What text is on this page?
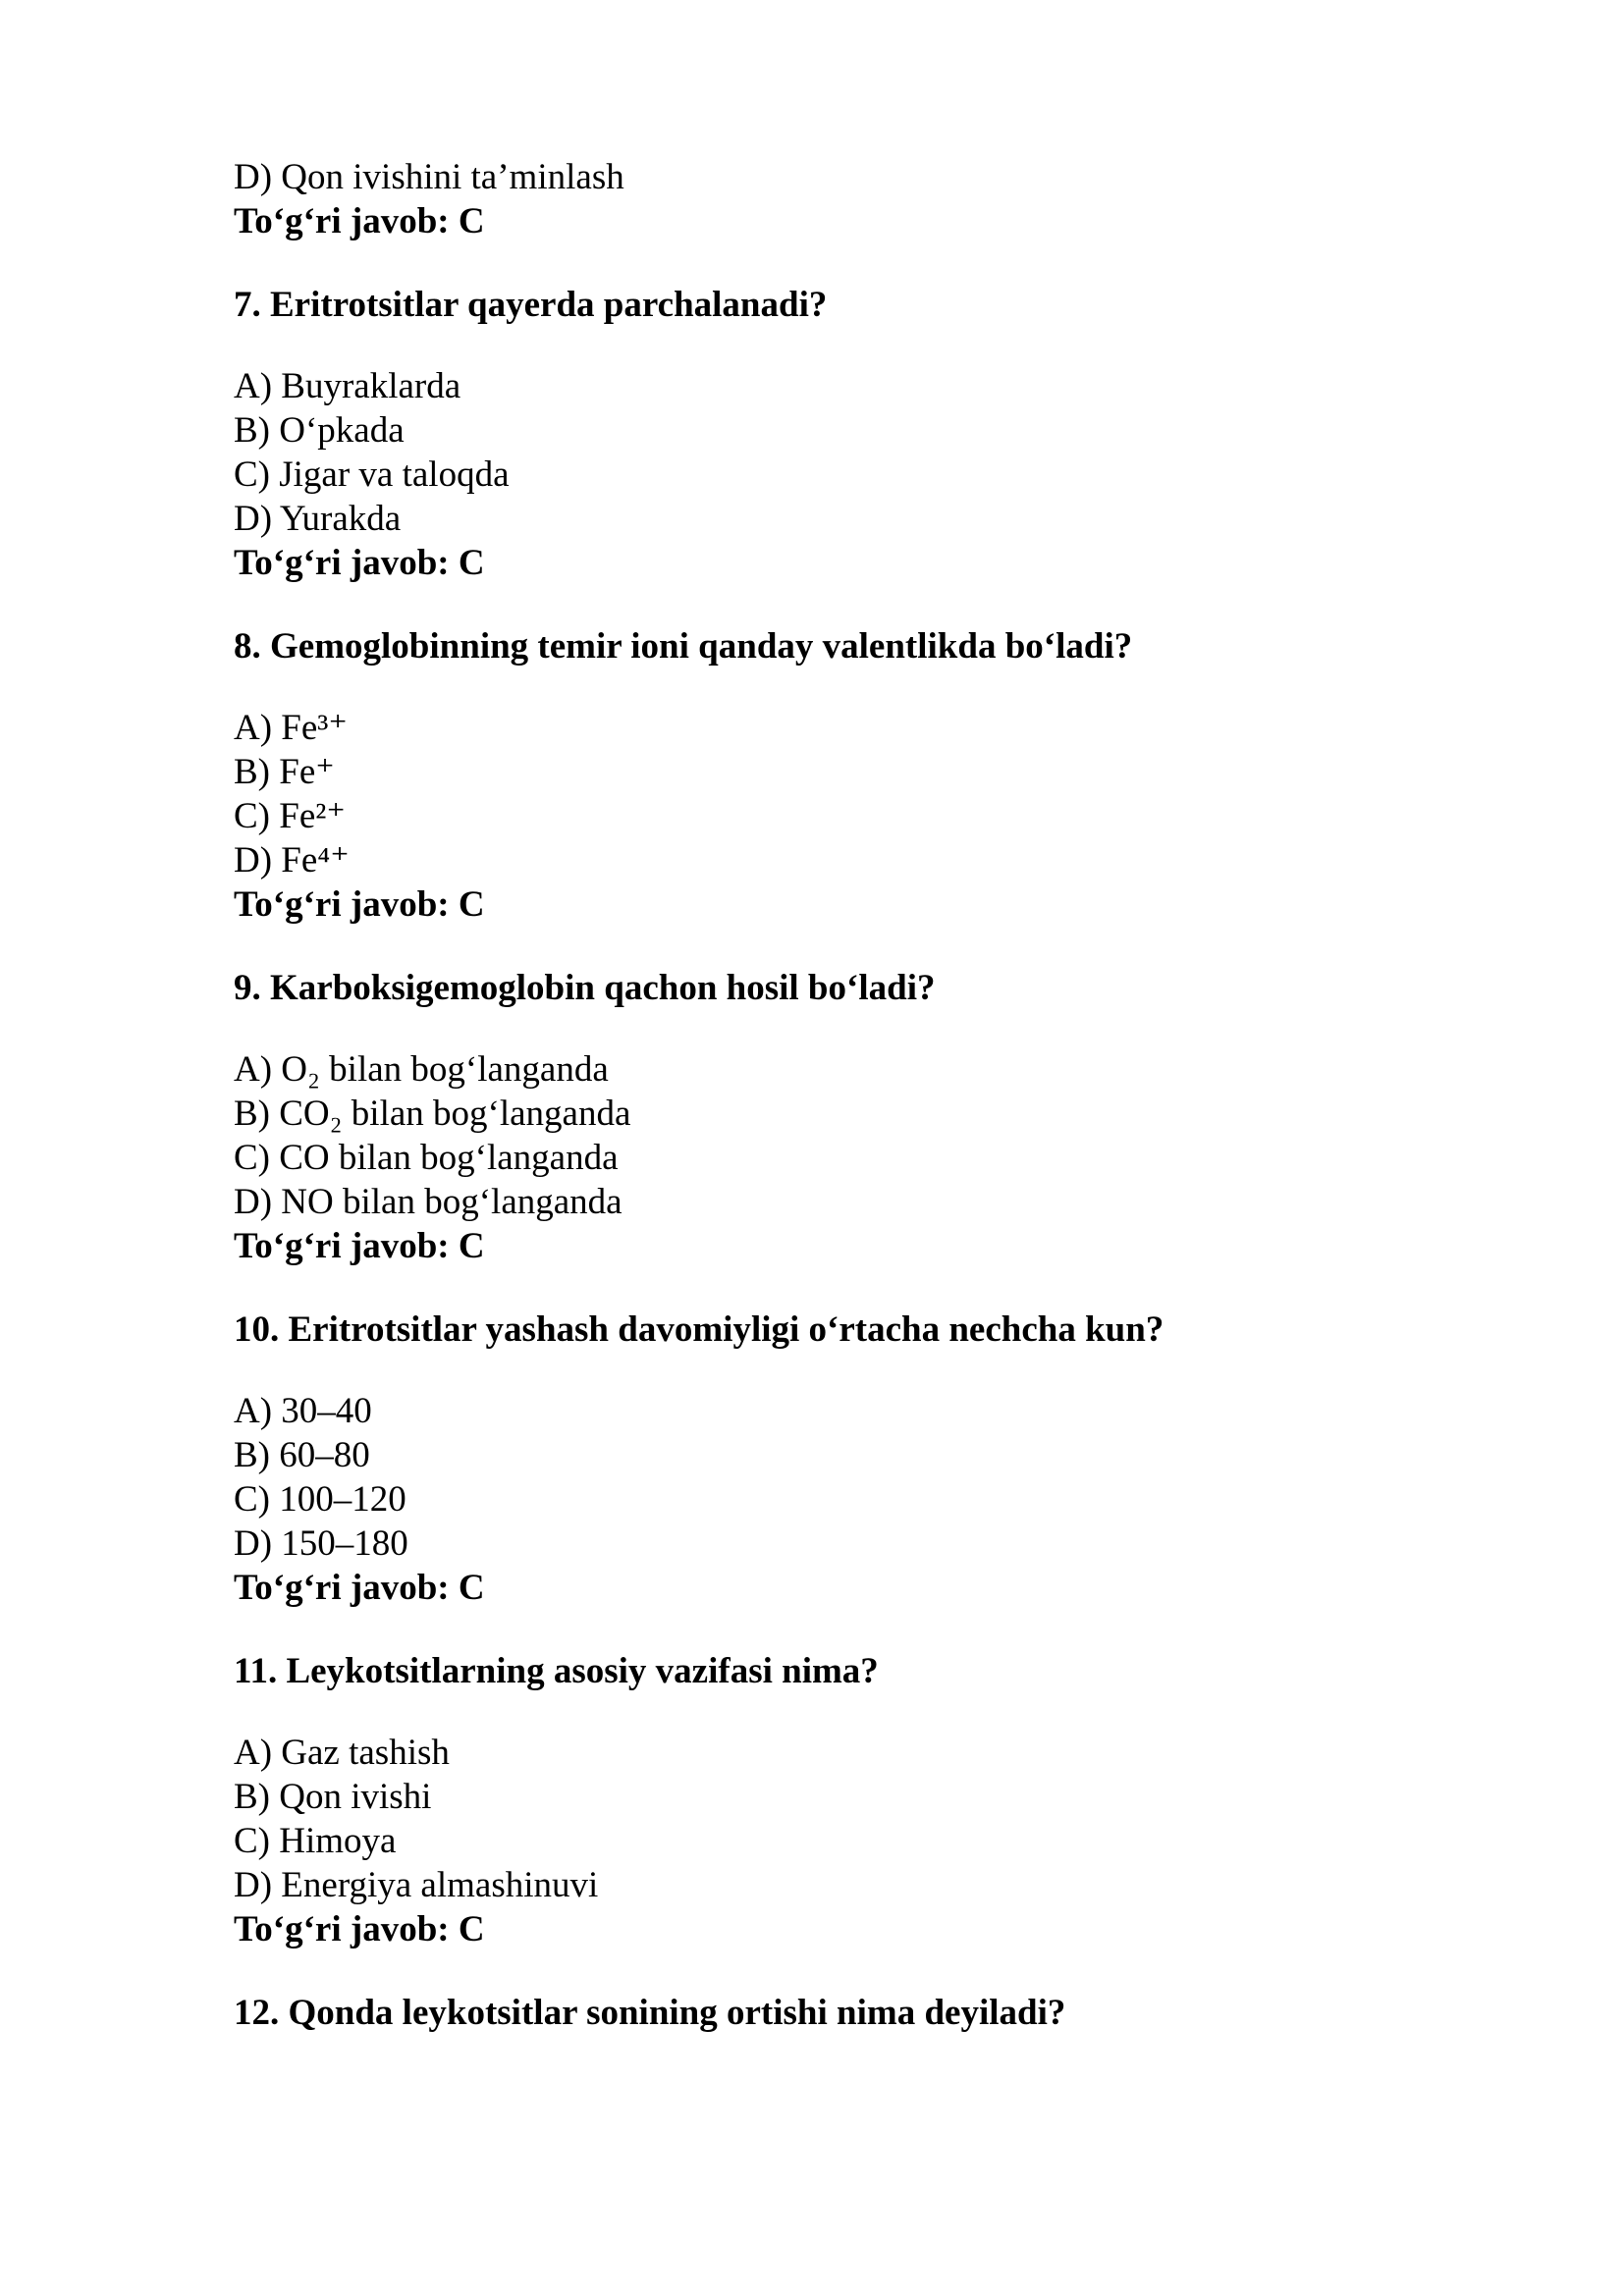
D) Qon ivishini ta’minlash
To‘g‘ri javob: C
7. Eritrotsitlar qayerda parchalanadi?
A) Buyraklarda
B) O‘pkada
C) Jigar va taloqda
D) Yurakda
To‘g‘ri javob: C
8. Gemoglobinning temir ioni qanday valentlikda bo‘ladi?
A) Fe³⁺
B) Fe⁺
C) Fe²⁺
D) Fe⁴⁺
To‘g‘ri javob: C
9. Karboksigemoglobin qachon hosil bo‘ladi?
A) O₂ bilan bog‘langanda
B) CO₂ bilan bog‘langanda
C) CO bilan bog‘langanda
D) NO bilan bog‘langanda
To‘g‘ri javob: C
10. Eritrotsitlar yashash davomiyligi o‘rtacha nechcha kun?
A) 30–40
B) 60–80
C) 100–120
D) 150–180
To‘g‘ri javob: C
11. Leykotsitlarning asosiy vazifasi nima?
A) Gaz tashish
B) Qon ivishi
C) Himoya
D) Energiya almashinuvi
To‘g‘ri javob: C
12. Qonda leykotsitlar sonining ortishi nima deyiladi?
